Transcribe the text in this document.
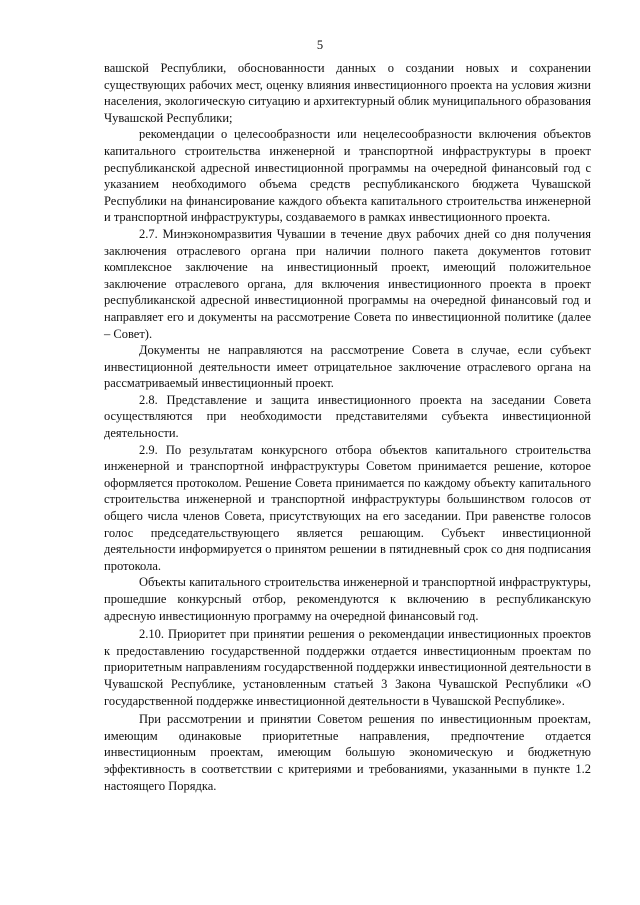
5

вашской Республики, обоснованности данных о создании новых и сохранении существующих рабочих мест, оценку влияния инвестиционного проекта на условия жизни населения, экологическую ситуацию и архитектурный облик муниципального образования Чувашской Республики;

рекомендации о целесообразности или нецелесообразности включения объектов капитального строительства инженерной и транспортной инфраструктуры в проект республиканской адресной инвестиционной программы на очередной финансовый год с указанием необходимого объема средств республиканского бюджета Чувашской Республики на финансирование каждого объекта капитального строительства инженерной и транспортной инфраструктуры, создаваемого в рамках инвестиционного проекта.

2.7. Минэкономразвития Чувашии в течение двух рабочих дней со дня получения заключения отраслевого органа при наличии полного пакета документов готовит комплексное заключение на инвестиционный проект, имеющий положительное заключение отраслевого органа, для включения инвестиционного проекта в проект республиканской адресной инвестиционной программы на очередной финансовый год и направляет его и документы на рассмотрение Совета по инвестиционной политике (далее – Совет).

Документы не направляются на рассмотрение Совета в случае, если субъект инвестиционной деятельности имеет отрицательное заключение отраслевого органа на рассматриваемый инвестиционный проект.

2.8. Представление и защита инвестиционного проекта на заседании Совета осуществляются при необходимости представителями субъекта инвестиционной деятельности.

2.9. По результатам конкурсного отбора объектов капитального строительства инженерной и транспортной инфраструктуры Советом принимается решение, которое оформляется протоколом. Решение Совета принимается по каждому объекту капитального строительства инженерной и транспортной инфраструктуры большинством голосов от общего числа членов Совета, присутствующих на его заседании. При равенстве голосов голос председательствующего является решающим. Субъект инвестиционной деятельности информируется о принятом решении в пятидневный срок со дня подписания протокола.

Объекты капитального строительства инженерной и транспортной инфраструктуры, прошедшие конкурсный отбор, рекомендуются к включению в республиканскую адресную инвестиционную программу на очередной финансовый год.

2.10. Приоритет при принятии решения о рекомендации инвестиционных проектов к предоставлению государственной поддержки отдается инвестиционным проектам по приоритетным направлениям государственной поддержки инвестиционной деятельности в Чувашской Республике, установленным статьей 3 Закона Чувашской Республики «О государственной поддержке инвестиционной деятельности в Чувашской Республике».

При рассмотрении и принятии Советом решения по инвестиционным проектам, имеющим одинаковые приоритетные направления, предпочтение отдается инвестиционным проектам, имеющим большую экономическую и бюджетную эффективность в соответствии с критериями и требованиями, указанными в пункте 1.2 настоящего Порядка.
